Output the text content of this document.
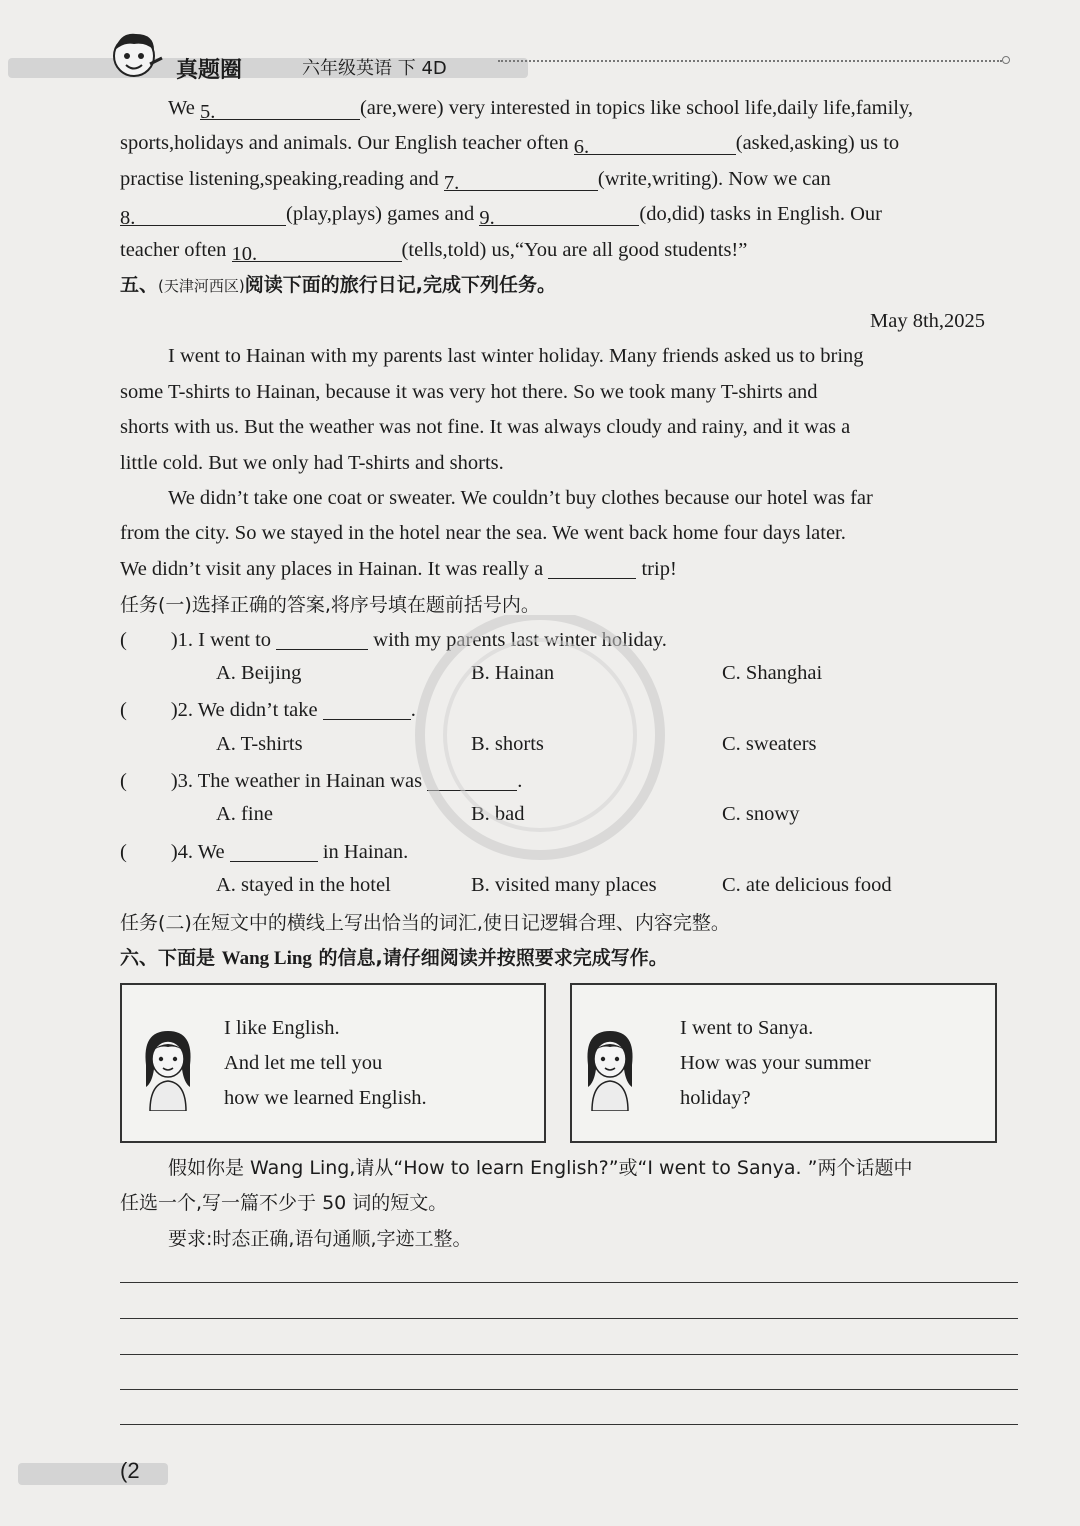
真题圈	六年级英语 下 4D
We 5.	(are,were) very interested in topics like school life,daily life,family,
sports,holidays and animals. Our English teacher often 6.	(asked,asking) us to
practise listening,speaking,reading and 7.	(write,writing). Now we can
8.	(play,plays) games and 9.	(do,did) tasks in English. Our
teacher often 10.	(tells,told) us,“You are all good students!”
五、(天津河西区)阅读下面的旅行日记,完成下列任务。
May 8th,2025
I went to Hainan with my parents last winter holiday. Many friends asked us to bring
some T-shirts to Hainan, because it was very hot there. So we took many T-shirts and
shorts with us. But the weather was not fine. It was always cloudy and rainy, and it was a
little cold. But we only had T-shirts and shorts.
We didn’t take one coat or sweater. We couldn’t buy clothes because our hotel was far
from the city. So we stayed in the hotel near the sea. We went back home four days later.
We didn’t visit any places in Hainan. It was really a	trip!
任务(一)选择正确的答案,将序号填在题前括号内。
( )1. I went to	with my parents last winter holiday.
A. Beijing	B. Hainan	C. Shanghai
( )2. We didn’t take	.
A. T-shirts	B. shorts	C. sweaters
( )3. The weather in Hainan was	.
A. fine	B. bad	C. snowy
( )4. We	in Hainan.
A. stayed in the hotel	B. visited many places	C. ate delicious food
任务(二)在短文中的横线上写出恰当的词汇,使日记逻辑合理、内容完整。
六、下面是 Wang Ling 的信息,请仔细阅读并按照要求完成写作。
I like English.
And let me tell you
how we learned English.
I went to Sanya.
How was your summer
holiday?
假如你是 Wang Ling,请从“How to learn English?”或“I went to Sanya. ”两个话题中
任选一个,写一篇不少于 50 词的短文。
要求:时态正确,语句通顺,字迹工整。
(2
